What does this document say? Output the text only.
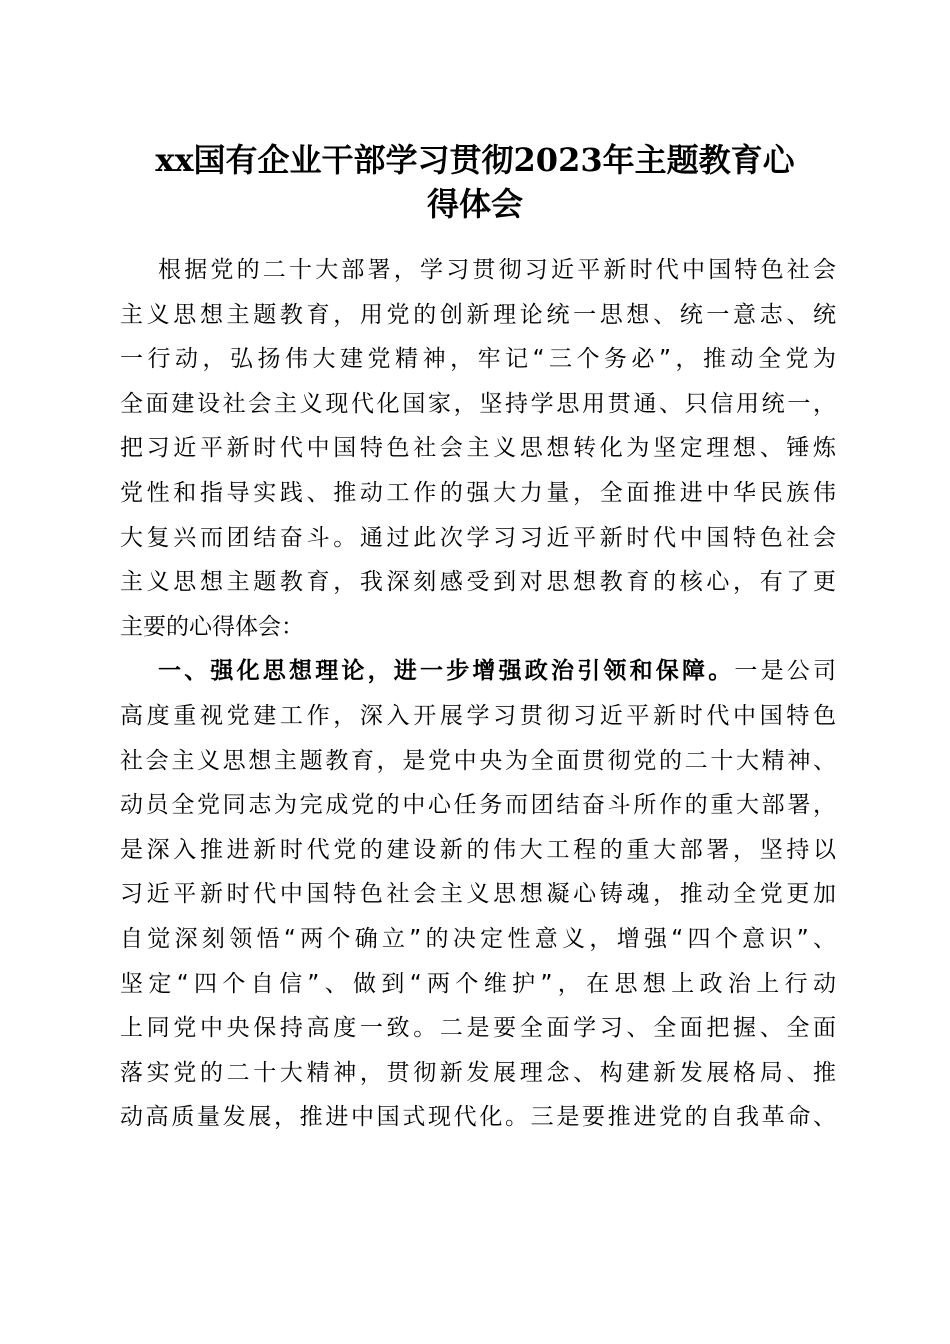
xx国有企业干部学习贯彻2023年主题教育心
得体会
根据党的二十大部署，学习贯彻习近平新时代中国特色社会
主义思想主题教育，用党的创新理论统一思想、统一意志、统
一行动，弘扬伟大建党精神，牢记“三个务必”，推动全党为
全面建设社会主义现代化国家，坚持学思用贯通、只信用统一，
把习近平新时代中国特色社会主义思想转化为坚定理想、锤炼
党性和指导实践、推动工作的强大力量，全面推进中华民族伟
大复兴而团结奋斗。通过此次学习习近平新时代中国特色社会
主义思想主题教育，我深刻感受到对思想教育的核心，有了更
主要的心得体会：
一、强化思想理论，进一步增强政治引领和保障。一是公司
高度重视党建工作，深入开展学习贯彻习近平新时代中国特色
社会主义思想主题教育，是党中央为全面贯彻党的二十大精神、
动员全党同志为完成党的中心任务而团结奋斗所作的重大部署，
是深入推进新时代党的建设新的伟大工程的重大部署，坚持以
习近平新时代中国特色社会主义思想凝心铸魂，推动全党更加
自觉深刻领悟“两个确立”的决定性意义，增强“四个意识”、
坚定“四个自信”、做到“两个维护”，在思想上政治上行动
上同党中央保持高度一致。二是要全面学习、全面把握、全面
落实党的二十大精神，贯彻新发展理念、构建新发展格局、推
动高质量发展，推进中国式现代化。三是要推进党的自我革命、
